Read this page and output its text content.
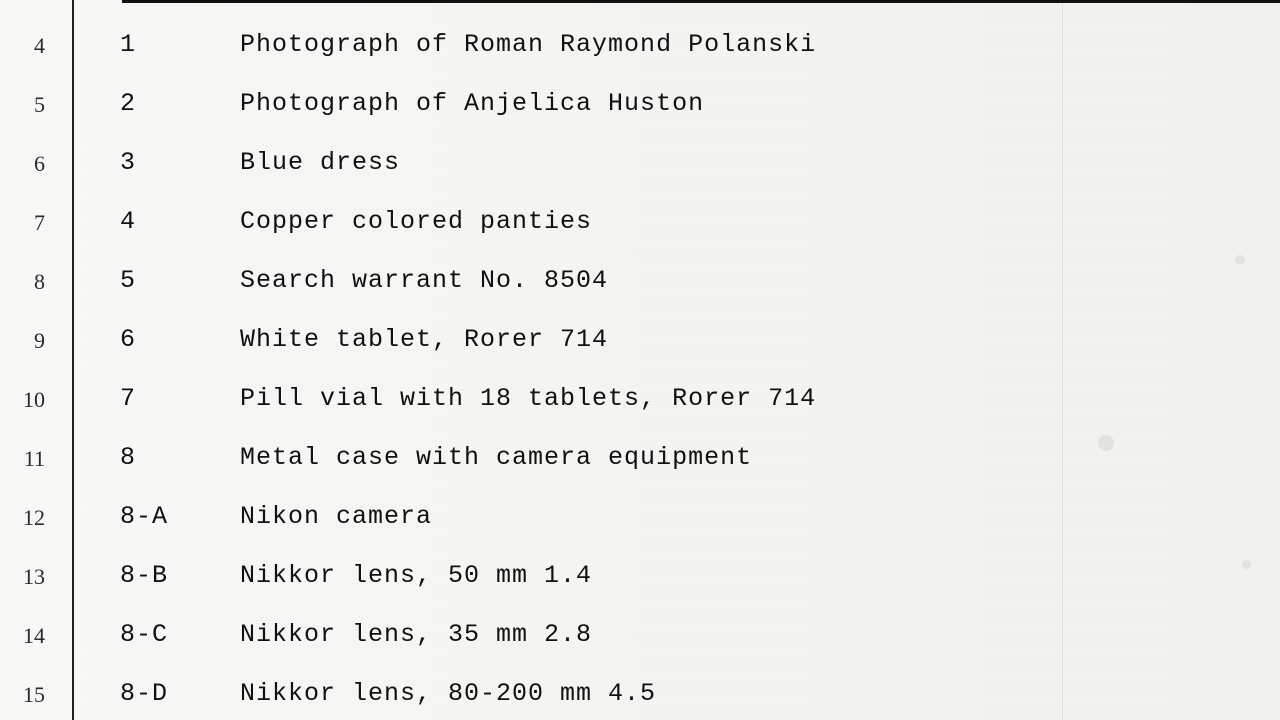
4
5
6
7
8
9
10
11
12
13
14
15
1	Photograph of Roman Raymond Polanski
2	Photograph of Anjelica Huston
3	Blue dress
4	Copper colored panties
5	Search warrant No. 8504
6	White tablet, Rorer 714
7	Pill vial with 18 tablets, Rorer 714
8	Metal case with camera equipment
8-A	Nikon camera
8-B	Nikkor lens, 50 mm 1.4
8-C	Nikkor lens, 35 mm 2.8
8-D	Nikkor lens, 80-200 mm 4.5
